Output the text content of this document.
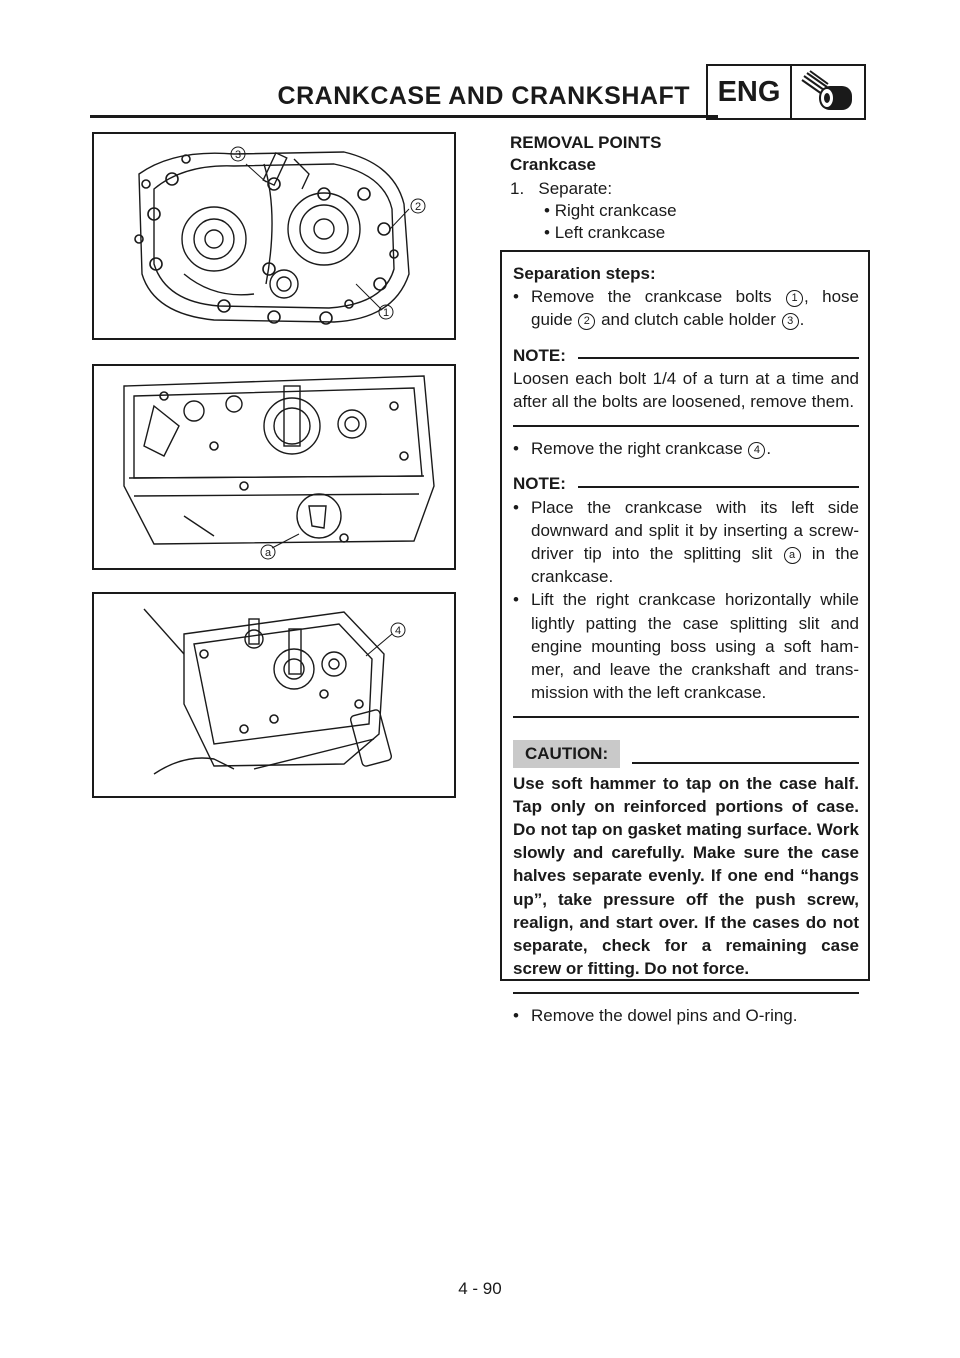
CRANKCASE AND CRANKSHAFT ENG
3
2
1
a
4
REMOVAL POINTS
Crankcase
1. Separate:
• Right crankcase
• Left crankcase
Separation steps:
• Remove the crankcase bolts 1 , hose guide 2 and clutch cable holder 3 .
NOTE:
Loosen each bolt 1/4 of a turn at a time and after all the bolts are loosened, remove them.
• Remove the right crankcase 4 .
NOTE:
• Place the crankcase with its left side downward and split it by inserting a screw-driver tip into the splitting slit a in the crankcase.
• Lift the right crankcase horizontally while lightly patting the case splitting slit and engine mounting boss using a soft ham-mer, and leave the crankshaft and trans-mission with the left crankcase.
CAUTION:
Use soft hammer to tap on the case half. Tap only on reinforced portions of case. Do not tap on gasket mating surface. Work slowly and carefully. Make sure the case halves separate evenly. If one end “hangs up”, take pressure off the push screw, realign, and start over. If the cases do not separate, check for a remaining case screw or fitting. Do not force.
• Remove the dowel pins and O-ring.
4 - 90
